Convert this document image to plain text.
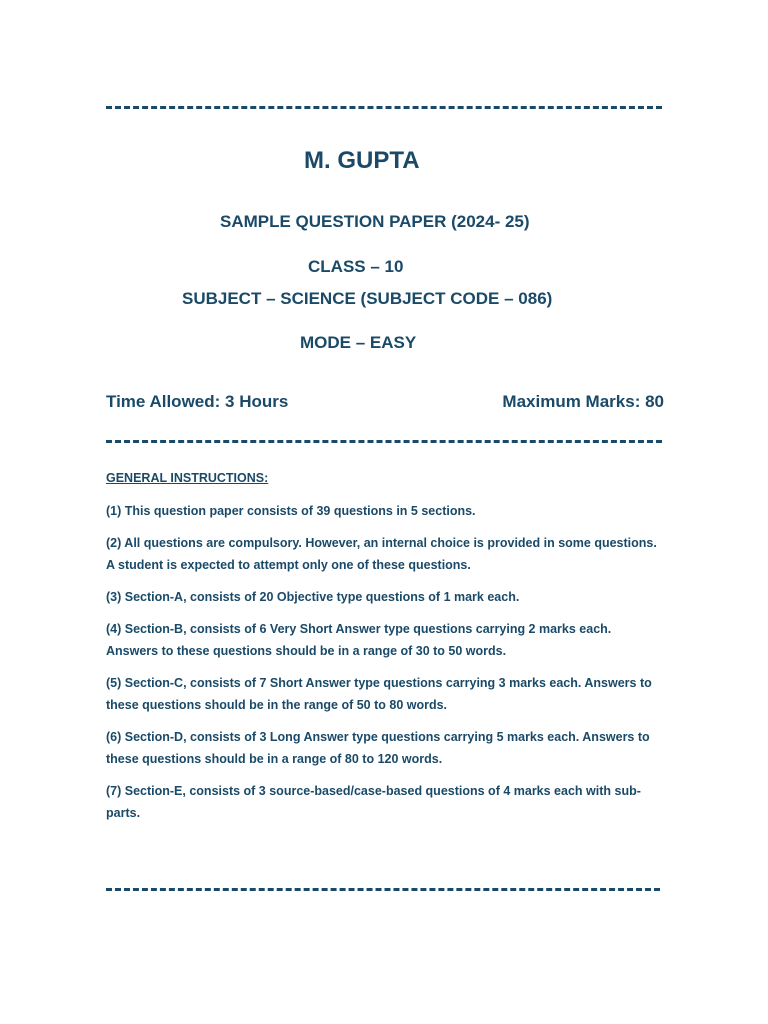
M. GUPTA
SAMPLE QUESTION PAPER (2024- 25)
CLASS – 10
SUBJECT – SCIENCE (SUBJECT CODE – 086)
MODE – EASY
Time Allowed: 3 Hours	Maximum Marks: 80
GENERAL INSTRUCTIONS:
(1) This question paper consists of 39 questions in 5 sections.
(2) All questions are compulsory. However, an internal choice is provided in some questions. A student is expected to attempt only one of these questions.
(3) Section-A, consists of 20 Objective type questions of 1 mark each.
(4) Section-B, consists of 6 Very Short Answer type questions carrying 2 marks each. Answers to these questions should be in a range of 30 to 50 words.
(5) Section-C, consists of 7 Short Answer type questions carrying 3 marks each. Answers to these questions should be in the range of 50 to 80 words.
(6) Section-D, consists of 3 Long Answer type questions carrying 5 marks each. Answers to these questions should be in a range of 80 to 120 words.
(7) Section-E, consists of 3 source-based/case-based questions of 4 marks each with sub-parts.
